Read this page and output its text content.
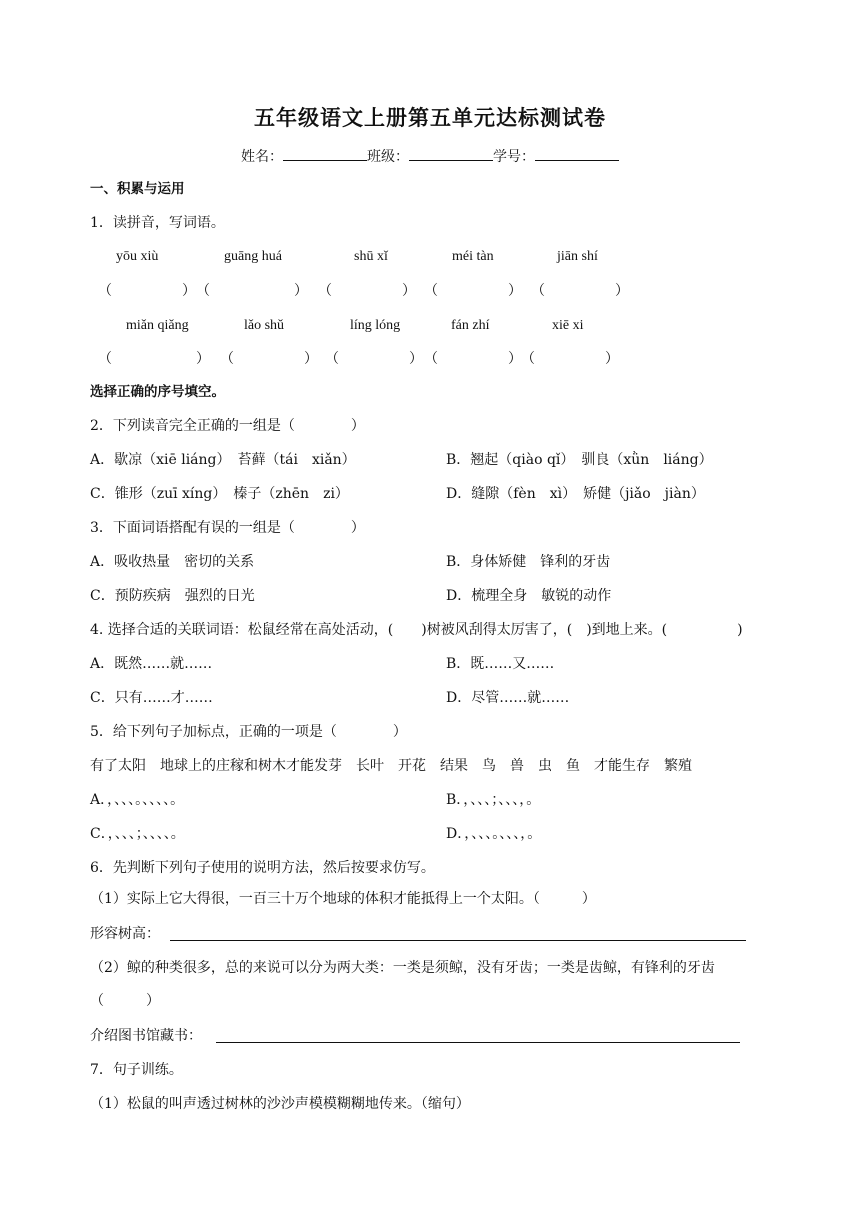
五年级语文上册第五单元达标测试卷
姓名：	班级：	学号：
一、积累与运用
1．读拼音，写词语。
yōu xiù	guāng huá	shū xǐ	méi tàn	jiān shí
（　　　　　） （　　　　　　） （　　　　　） （　　　　　） （　　　　　）
miǎn qiǎng	lǎo shǔ	líng lóng	fán zhí	xiē xi
（　　　　　　） （　　　　　） （　　　　　） （　　　　　） （　　　　　）
选择正确的序号填空。
2．下列读音完全正确的一组是（　　　　）
A．歇凉（xiē liáng）　苔藓（tái　xiǎn）	B．翘起（qiào qǐ）　驯良（xǜn　liáng）
C．锥形（zuī xíng）　榛子（zhēn　zi）	D．缝隙（fèn　xì）　矫健（jiǎo　jiàn）
3．下面词语搭配有误的一组是（　　　　）
A．吸收热量　密切的关系	B．身体矫健　锋利的牙齿
C．预防疾病　强烈的日光	D．梳理全身　敏锐的动作
4. 选择合适的关联词语：松鼠经常在高处活动，(　　)树被风刮得太厉害了，(　)到地上来。(　　　　　)
A．既然……就……	B．既……又……
C．只有……才……	D．尽管……就……
5．给下列句子加标点，正确的一项是（　　　　）
有了太阳　地球上的庄稼和树木才能发芽　长叶　开花　结果　鸟　兽　虫　鱼　才能生存　繁殖
A．，、、、。、、、、。	B．，、、、；、、、，。
C．，、、、；、、、、。	D．，、、、。、、、，。
6．先判断下列句子使用的说明方法，然后按要求仿写。
（1）实际上它大得很，一百三十万个地球的体积才能抵得上一个太阳。（　　　）
形容树高：
（2）鲸的种类很多，总的来说可以分为两大类：一类是须鲸，没有牙齿；一类是齿鲸，有锋利的牙齿
（　　　）
介绍图书馆藏书：
7．句子训练。
（1）松鼠的叫声透过树林的沙沙声模模糊糊地传来。（缩句）
